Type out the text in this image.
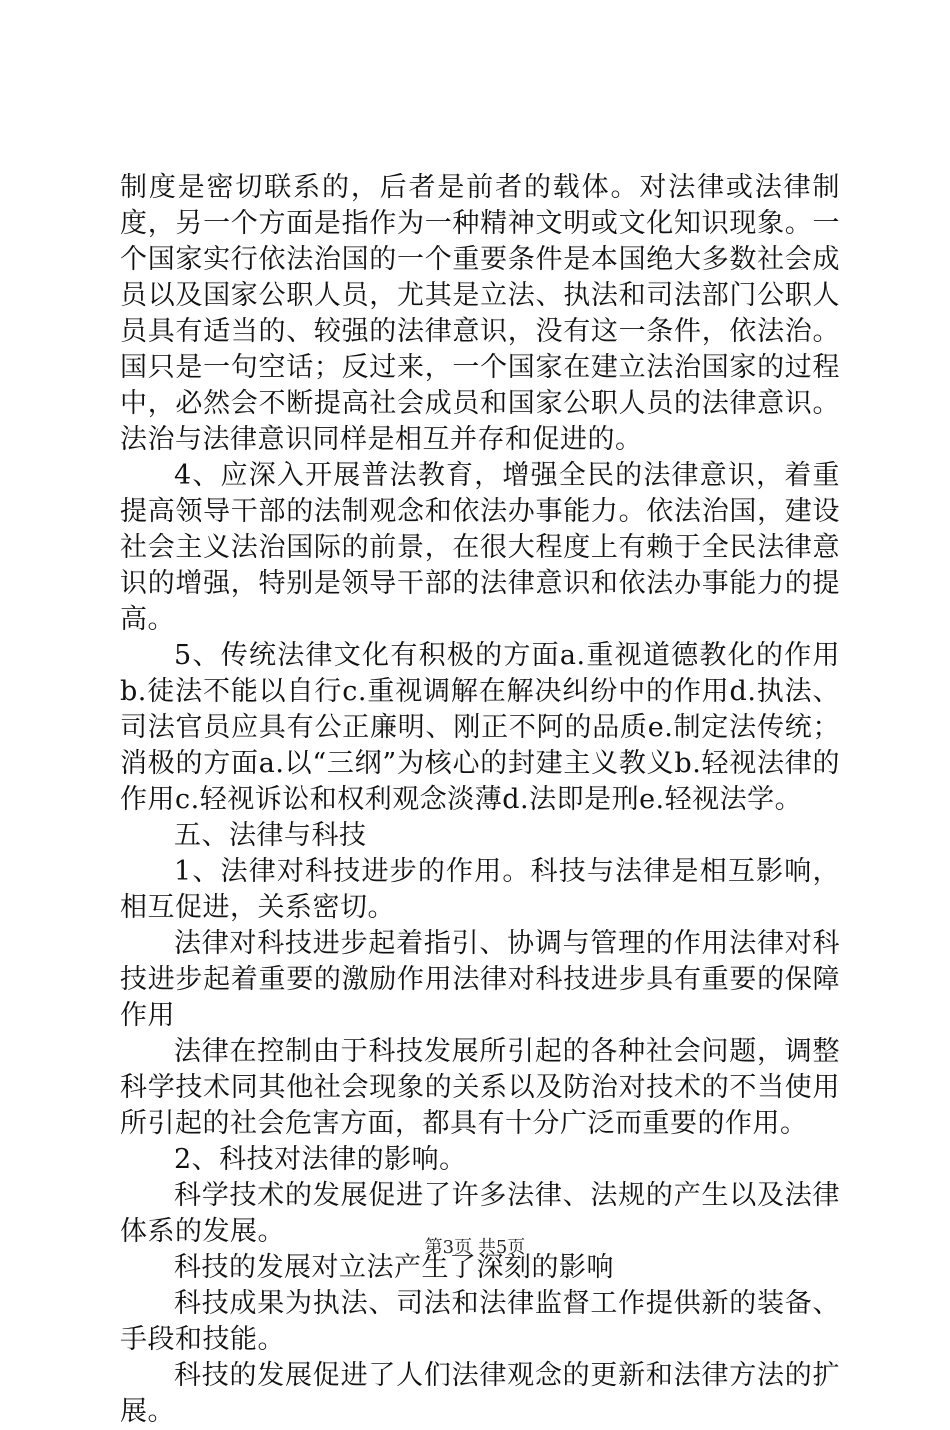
制度是密切联系的，后者是前者的载体。对法律或法律制度，另一个方面是指作为一种精神文明或文化知识现象。一个国家实行依法治国的一个重要条件是本国绝大多数社会成员以及国家公职人员，尤其是立法、执法和司法部门公职人员具有适当的、较强的法律意识，没有这一条件，依法治。国只是一句空话；反过来，一个国家在建立法治国家的过程中，必然会不断提高社会成员和国家公职人员的法律意识。法治与法律意识同样是相互并存和促进的。

4、应深入开展普法教育，增强全民的法律意识，着重提高领导干部的法制观念和依法办事能力。依法治国，建设社会主义法治国际的前景，在很大程度上有赖于全民法律意识的增强，特别是领导干部的法律意识和依法办事能力的提高。

5、传统法律文化有积极的方面a.重视道德教化的作用b.徒法不能以自行c.重视调解在解决纠纷中的作用d.执法、司法官员应具有公正廉明、刚正不阿的品质e.制定法传统；消极的方面a.以“三纲”为核心的封建主义教义b.轻视法律的作用c.轻视诉讼和权利观念淡薄d.法即是刑e.轻视法学。

五、法律与科技

1、法律对科技进步的作用。科技与法律是相互影响，相互促进，关系密切。

法律对科技进步起着指引、协调与管理的作用法律对科技进步起着重要的激励作用法律对科技进步具有重要的保障作用

法律在控制由于科技发展所引起的各种社会问题，调整科学技术同其他社会现象的关系以及防治对技术的不当使用所引起的社会危害方面，都具有十分广泛而重要的作用。

2、科技对法律的影响。

科学技术的发展促进了许多法律、法规的产生以及法律体系的发展。

科技的发展对立法产生了深刻的影响

科技成果为执法、司法和法律监督工作提供新的装备、手段和技能。

科技的发展促进了人们法律观念的更新和法律方法的扩展。

第3页 共5页
